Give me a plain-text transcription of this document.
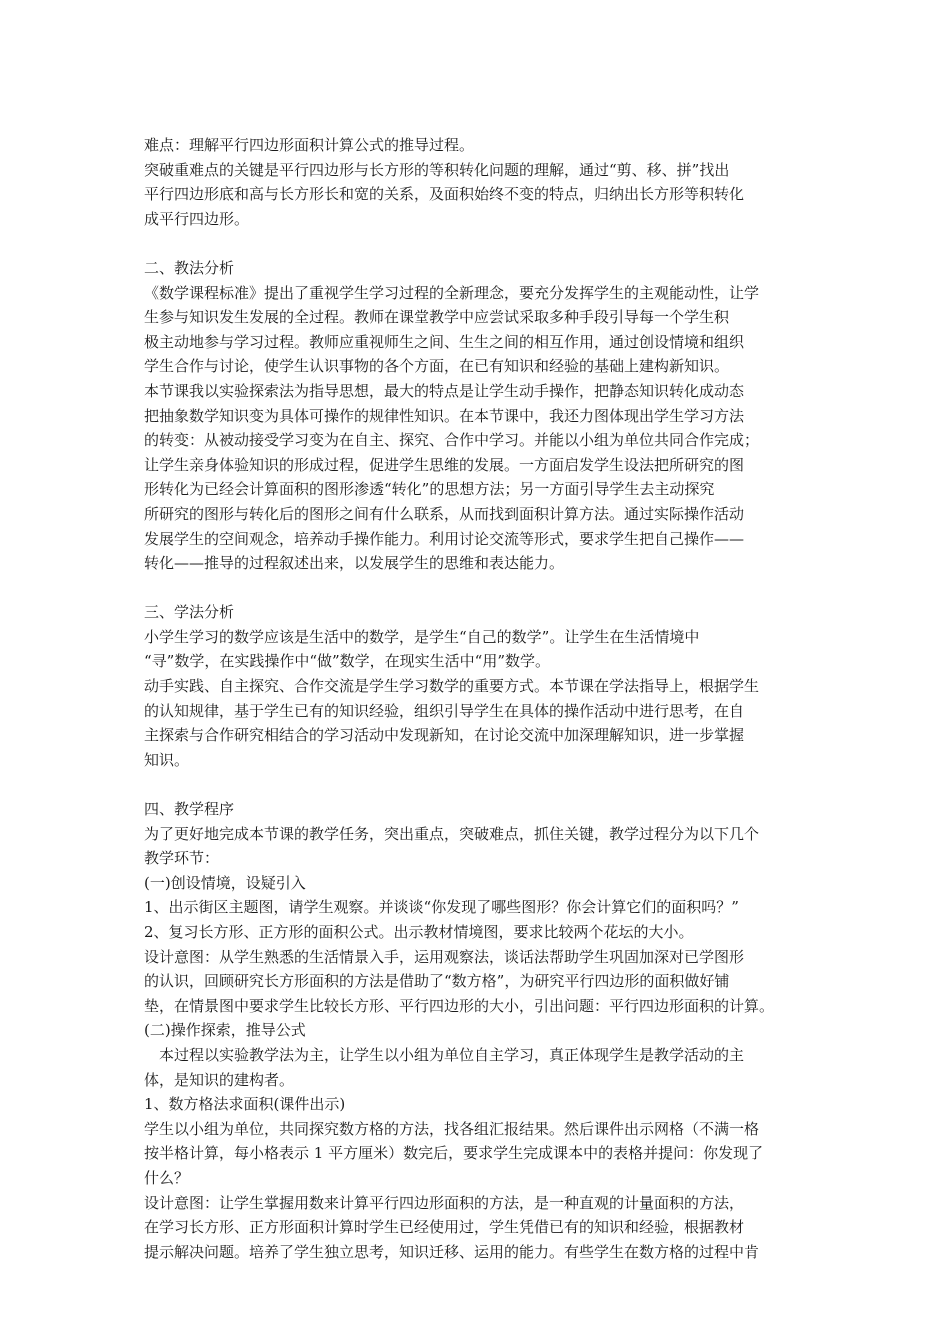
难点：理解平行四边形面积计算公式的推导过程。
突破重难点的关键是平行四边形与长方形的等积转化问题的理解，通过“剪、移、拼”找出
平行四边形底和高与长方形长和宽的关系，及面积始终不变的特点，归纳出长方形等积转化
成平行四边形。
二、教法分析
《数学课程标准》提出了重视学生学习过程的全新理念，要充分发挥学生的主观能动性，让学
生参与知识发生发展的全过程。教师在课堂教学中应尝试采取多种手段引导每一个学生积
极主动地参与学习过程。教师应重视师生之间、生生之间的相互作用，通过创设情境和组织
学生合作与讨论，使学生认识事物的各个方面，在已有知识和经验的基础上建构新知识。
本节课我以实验探索法为指导思想，最大的特点是让学生动手操作，把静态知识转化成动态
把抽象数学知识变为具体可操作的规律性知识。在本节课中，我还力图体现出学生学习方法
的转变：从被动接受学习变为在自主、探究、合作中学习。并能以小组为单位共同合作完成；
让学生亲身体验知识的形成过程，促进学生思维的发展。一方面启发学生设法把所研究的图
形转化为已经会计算面积的图形渗透“转化”的思想方法；另一方面引导学生去主动探究
所研究的图形与转化后的图形之间有什么联系，从而找到面积计算方法。通过实际操作活动
发展学生的空间观念，培养动手操作能力。利用讨论交流等形式，要求学生把自己操作——
转化——推导的过程叙述出来，以发展学生的思维和表达能力。
三、学法分析
小学生学习的数学应该是生活中的数学，是学生“自己的数学”。让学生在生活情境中
“寻”数学，在实践操作中“做”数学，在现实生活中“用”数学。
动手实践、自主探究、合作交流是学生学习数学的重要方式。本节课在学法指导上，根据学生
的认知规律，基于学生已有的知识经验，组织引导学生在具体的操作活动中进行思考，在自
主探索与合作研究相结合的学习活动中发现新知，在讨论交流中加深理解知识，进一步掌握
知识。
四、教学程序
为了更好地完成本节课的教学任务，突出重点，突破难点，抓住关键，教学过程分为以下几个
教学环节：
(一)创设情境，设疑引入
1、出示街区主题图，请学生观察。并谈谈“你发现了哪些图形？你会计算它们的面积吗？”
2、复习长方形、正方形的面积公式。出示教材情境图，要求比较两个花坛的大小。
设计意图：从学生熟悉的生活情景入手，运用观察法，谈话法帮助学生巩固加深对已学图形
的认识，回顾研究长方形面积的方法是借助了“数方格”，为研究平行四边形的面积做好铺
垫，在情景图中要求学生比较长方形、平行四边形的大小，引出问题：平行四边形面积的计算。
(二)操作探索，推导公式
本过程以实验教学法为主，让学生以小组为单位自主学习，真正体现学生是教学活动的主
体，是知识的建构者。
1、数方格法求面积(课件出示)
学生以小组为单位，共同探究数方格的方法，找各组汇报结果。然后课件出示网格（不满一格
按半格计算，每小格表示 1 平方厘米）数完后，要求学生完成课本中的表格并提问：你发现了
什么？
设计意图：让学生掌握用数来计算平行四边形面积的方法，是一种直观的计量面积的方法，
在学习长方形、正方形面积计算时学生已经使用过，学生凭借已有的知识和经验，根据教材
提示解决问题。培养了学生独立思考，知识迁移、运用的能力。有些学生在数方格的过程中肯
